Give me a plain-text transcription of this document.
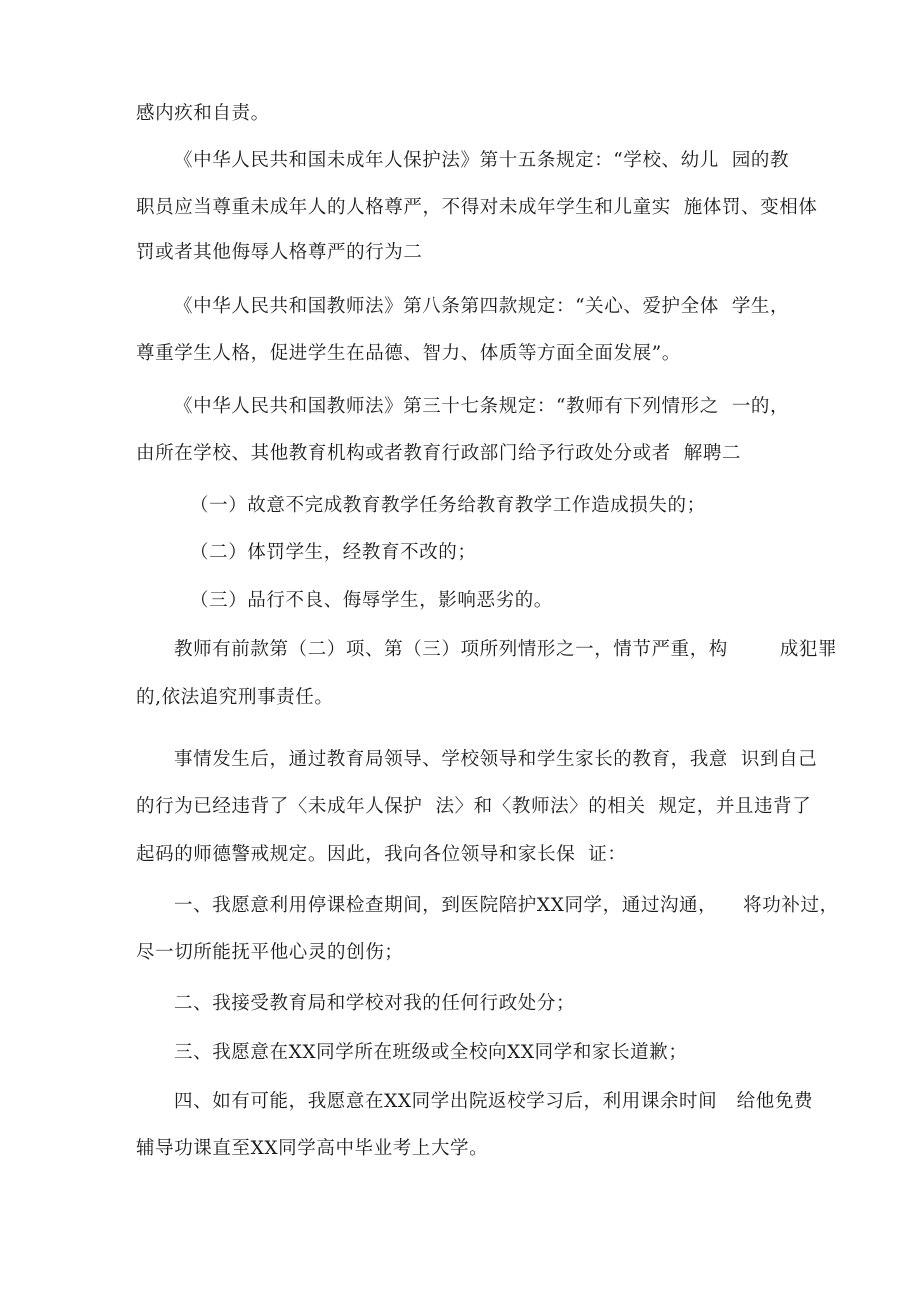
感内疚和自责。
《中华人民共和国未成年人保护法》第十五条规定：“学校、幼儿  园的教
职员应当尊重未成年人的人格尊严，不得对未成年学生和儿童实  施体罚、变相体
罚或者其他侮辱人格尊严的行为二
《中华人民共和国教师法》第八条第四款规定：“关心、爱护全体  学生，
尊重学生人格，促进学生在品德、智力、体质等方面全面发展”。
《中华人民共和国教师法》第三十七条规定：“教师有下列情形之  一的，
由所在学校、其他教育机构或者教育行政部门给予行政处分或者  解聘二
（一）故意不完成教育教学任务给教育教学工作造成损失的；
（二）体罚学生，经教育不改的；
（三）品行不良、侮辱学生，影响恶劣的。
教师有前款第（二）项、第（三）项所列情形之一，情节严重，构        成犯罪
的,依法追究刑事责任。
事情发生后，通过教育局领导、学校领导和学生家长的教育，我意  识到自己
的行为已经违背了〈未成年人保护  法〉和〈教师法〉的相关  规定，并且违背了
起码的师德警戒规定。因此，我向各位领导和家长保  证：
一、我愿意利用停课检查期间，到医院陪护XX同学，通过沟通，    将功补过，
尽一切所能抚平他心灵的创伤；
二、我接受教育局和学校对我的任何行政处分；
三、我愿意在XX同学所在班级或全校向XX同学和家长道歉；
四、如有可能，我愿意在XX同学出院返校学习后，利用课余时间   给他免费
辅导功课直至XX同学高中毕业考上大学。
